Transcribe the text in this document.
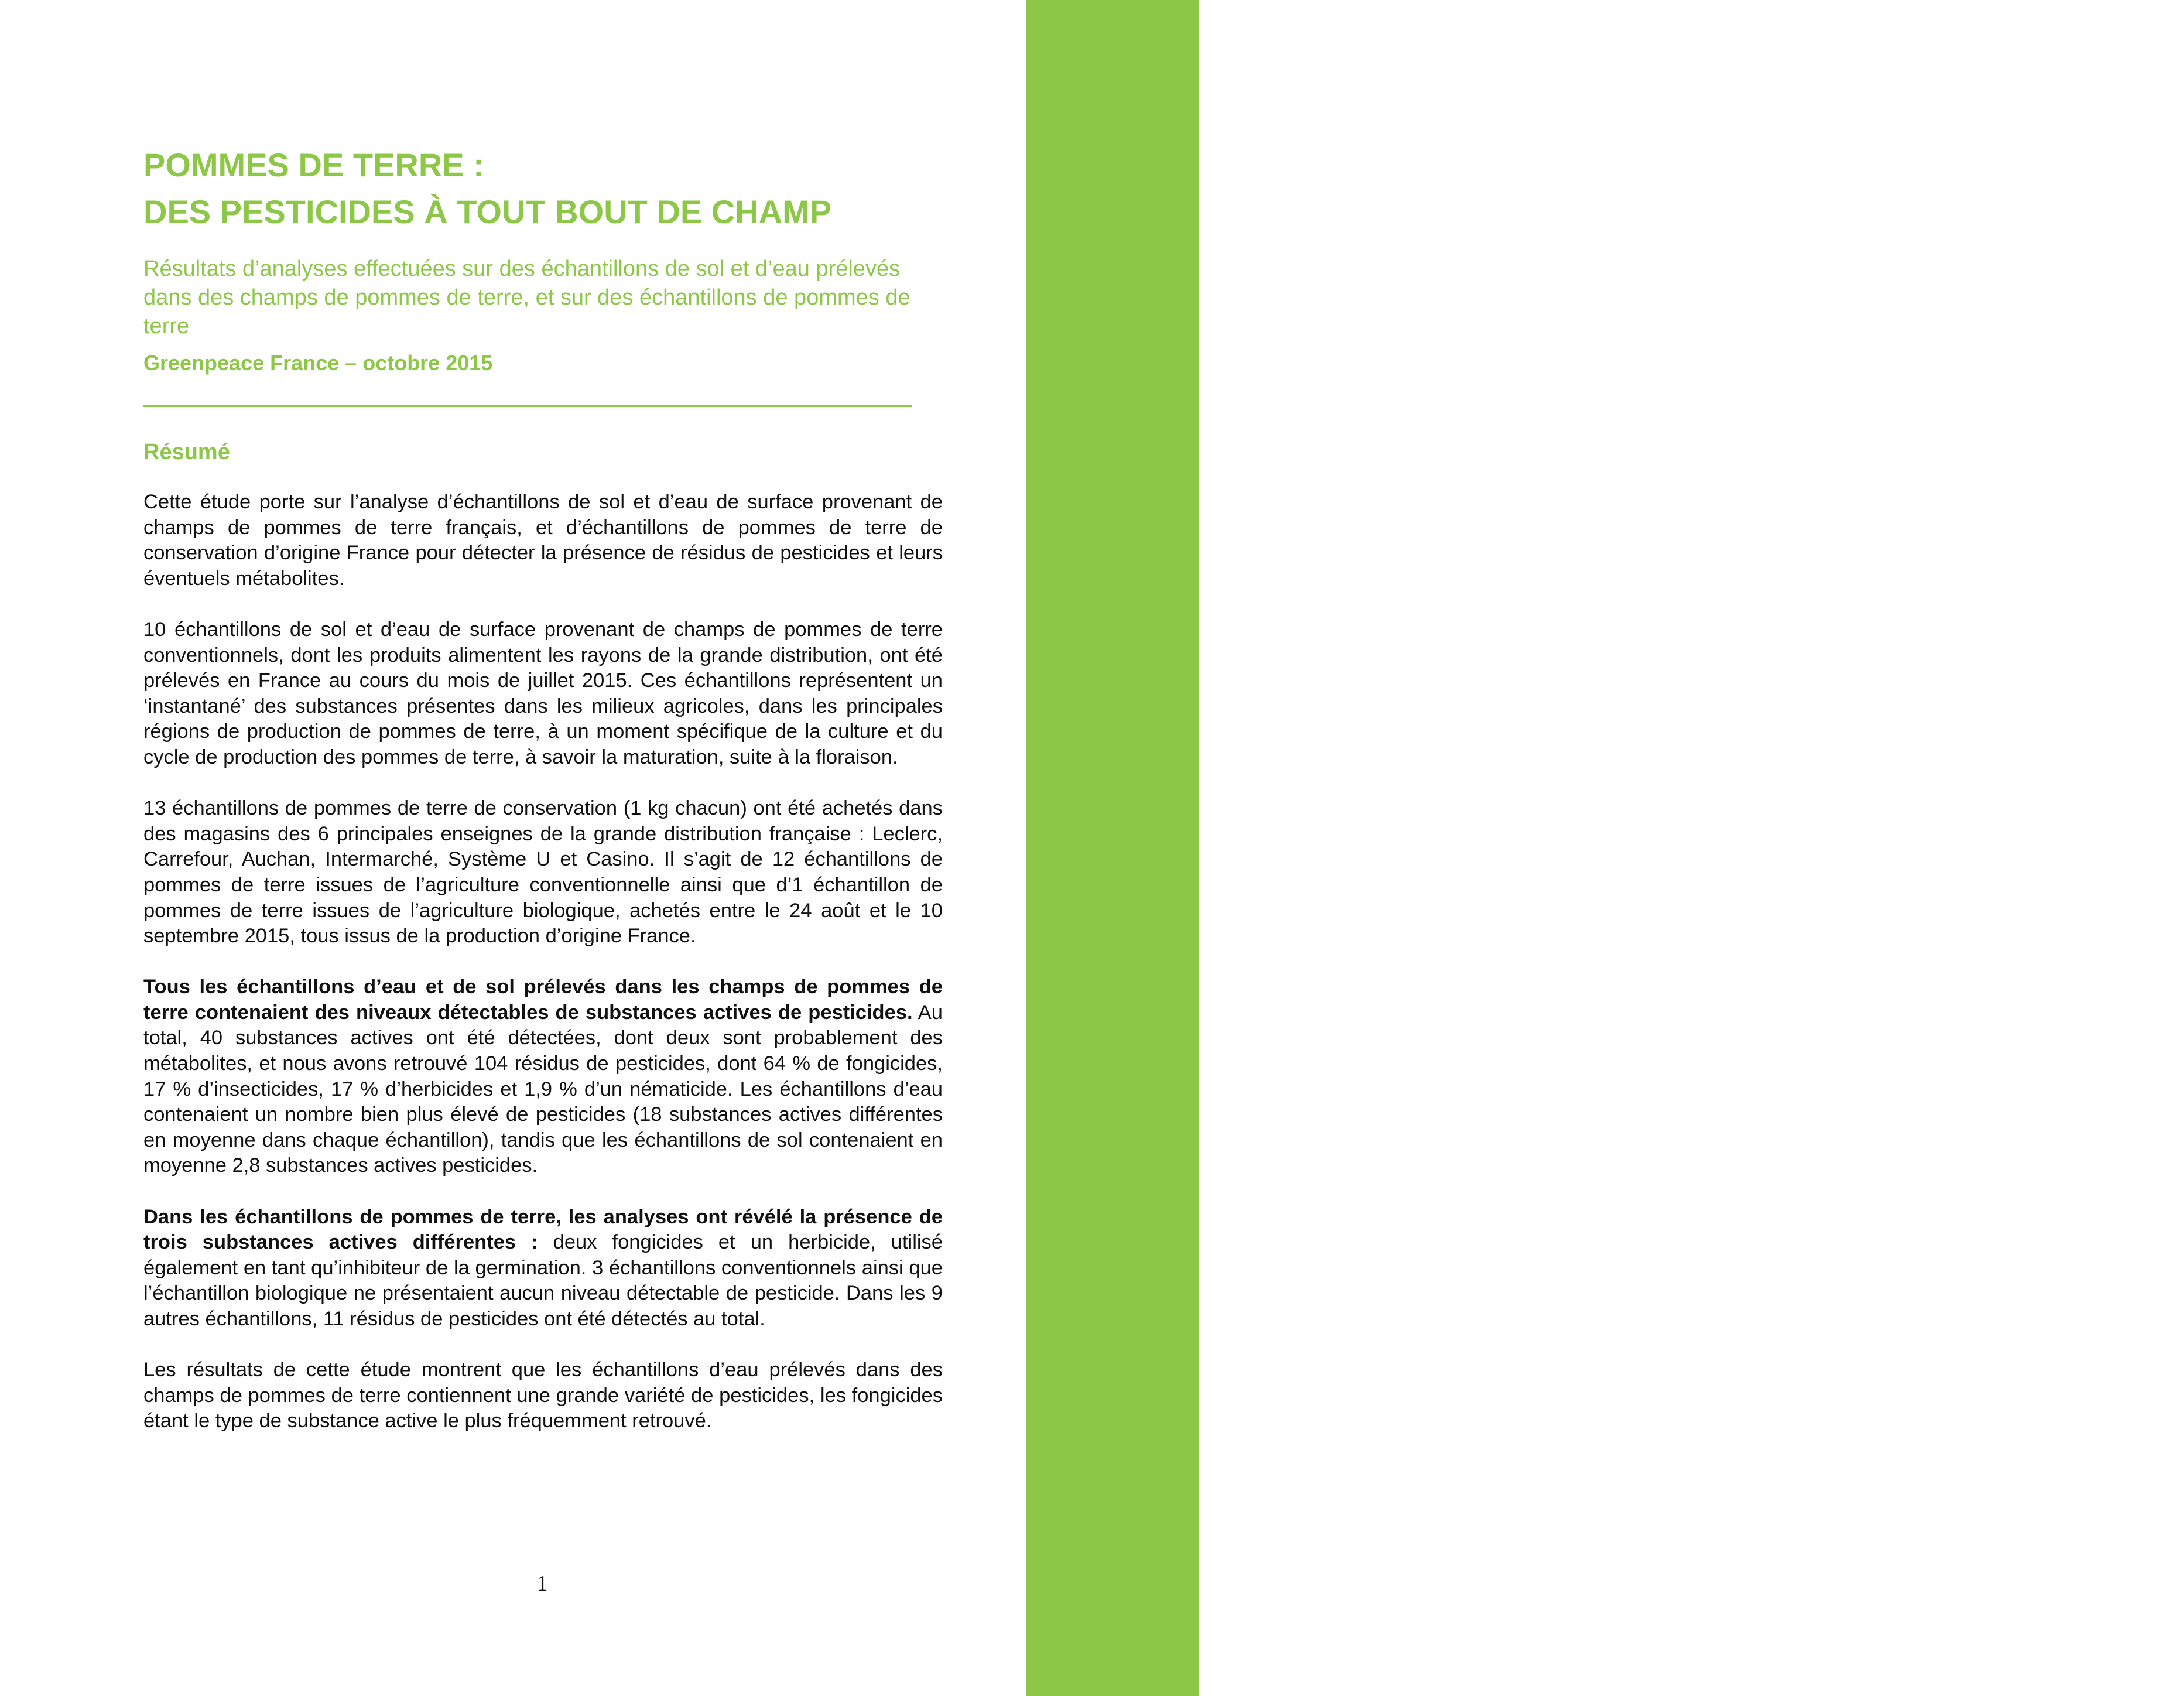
GREENPEACE
www.greenpeace.fr
POMMES DE TERRE :
DES PESTICIDES À TOUT BOUT DE CHAMP

Résultats d’analyses effectuées sur des échantillons de sol et d’eau prélevés dans des champs de pommes de terre, et sur des échantillons de pommes de terre

Greenpeace France – octobre 2015

Résumé

Cette étude porte sur l’analyse d’échantillons de sol et d’eau de surface provenant de champs de pommes de terre français, et d’échantillons de pommes de terre de conservation d’origine France pour détecter la présence de résidus de pesticides et leurs éventuels métabolites.

10 échantillons de sol et d’eau de surface provenant de champs de pommes de terre conventionnels, dont les produits alimentent les rayons de la grande distribution, ont été prélevés en France au cours du mois de juillet 2015. Ces échantillons représentent un ‘instantané’ des substances présentes dans les milieux agricoles, dans les principales régions de production de pommes de terre, à un moment spécifique de la culture et du cycle de production des pommes de terre, à savoir la maturation, suite à la floraison.

13 échantillons de pommes de terre de conservation (1 kg chacun) ont été achetés dans des magasins des 6 principales enseignes de la grande distribution française : Leclerc, Carrefour, Auchan, Intermarché, Système U et Casino. Il s’agit de 12 échantillons de pommes de terre issues de l’agriculture conventionnelle ainsi que d’1 échantillon de pommes de terre issues de l’agriculture biologique, achetés entre le 24 août et le 10 septembre 2015, tous issus de la production d’origine France.

Tous les échantillons d’eau et de sol prélevés dans les champs de pommes de terre contenaient des niveaux détectables de substances actives de pesticides. Au total, 40 substances actives ont été détectées, dont deux sont probablement des métabolites, et nous avons retrouvé 104 résidus de pesticides, dont 64 % de fongicides, 17 % d’insecticides, 17 % d’herbicides et 1,9 % d’un nématicide. Les échantillons d’eau contenaient un nombre bien plus élevé de pesticides (18 substances actives différentes en moyenne dans chaque échantillon), tandis que les échantillons de sol contenaient en moyenne 2,8 substances actives pesticides.

Dans les échantillons de pommes de terre, les analyses ont révélé la présence de trois substances actives différentes : deux fongicides et un herbicide, utilisé également en tant qu’inhibiteur de la germination. 3 échantillons conventionnels ainsi que l’échantillon biologique ne présentaient aucun niveau détectable de pesticide. Dans les 9 autres échantillons, 11 résidus de pesticides ont été détectés au total.

Les résultats de cette étude montrent que les échantillons d’eau prélevés dans des champs de pommes de terre contiennent une grande variété de pesticides, les fongicides étant le type de substance active le plus fréquemment retrouvé.

1
